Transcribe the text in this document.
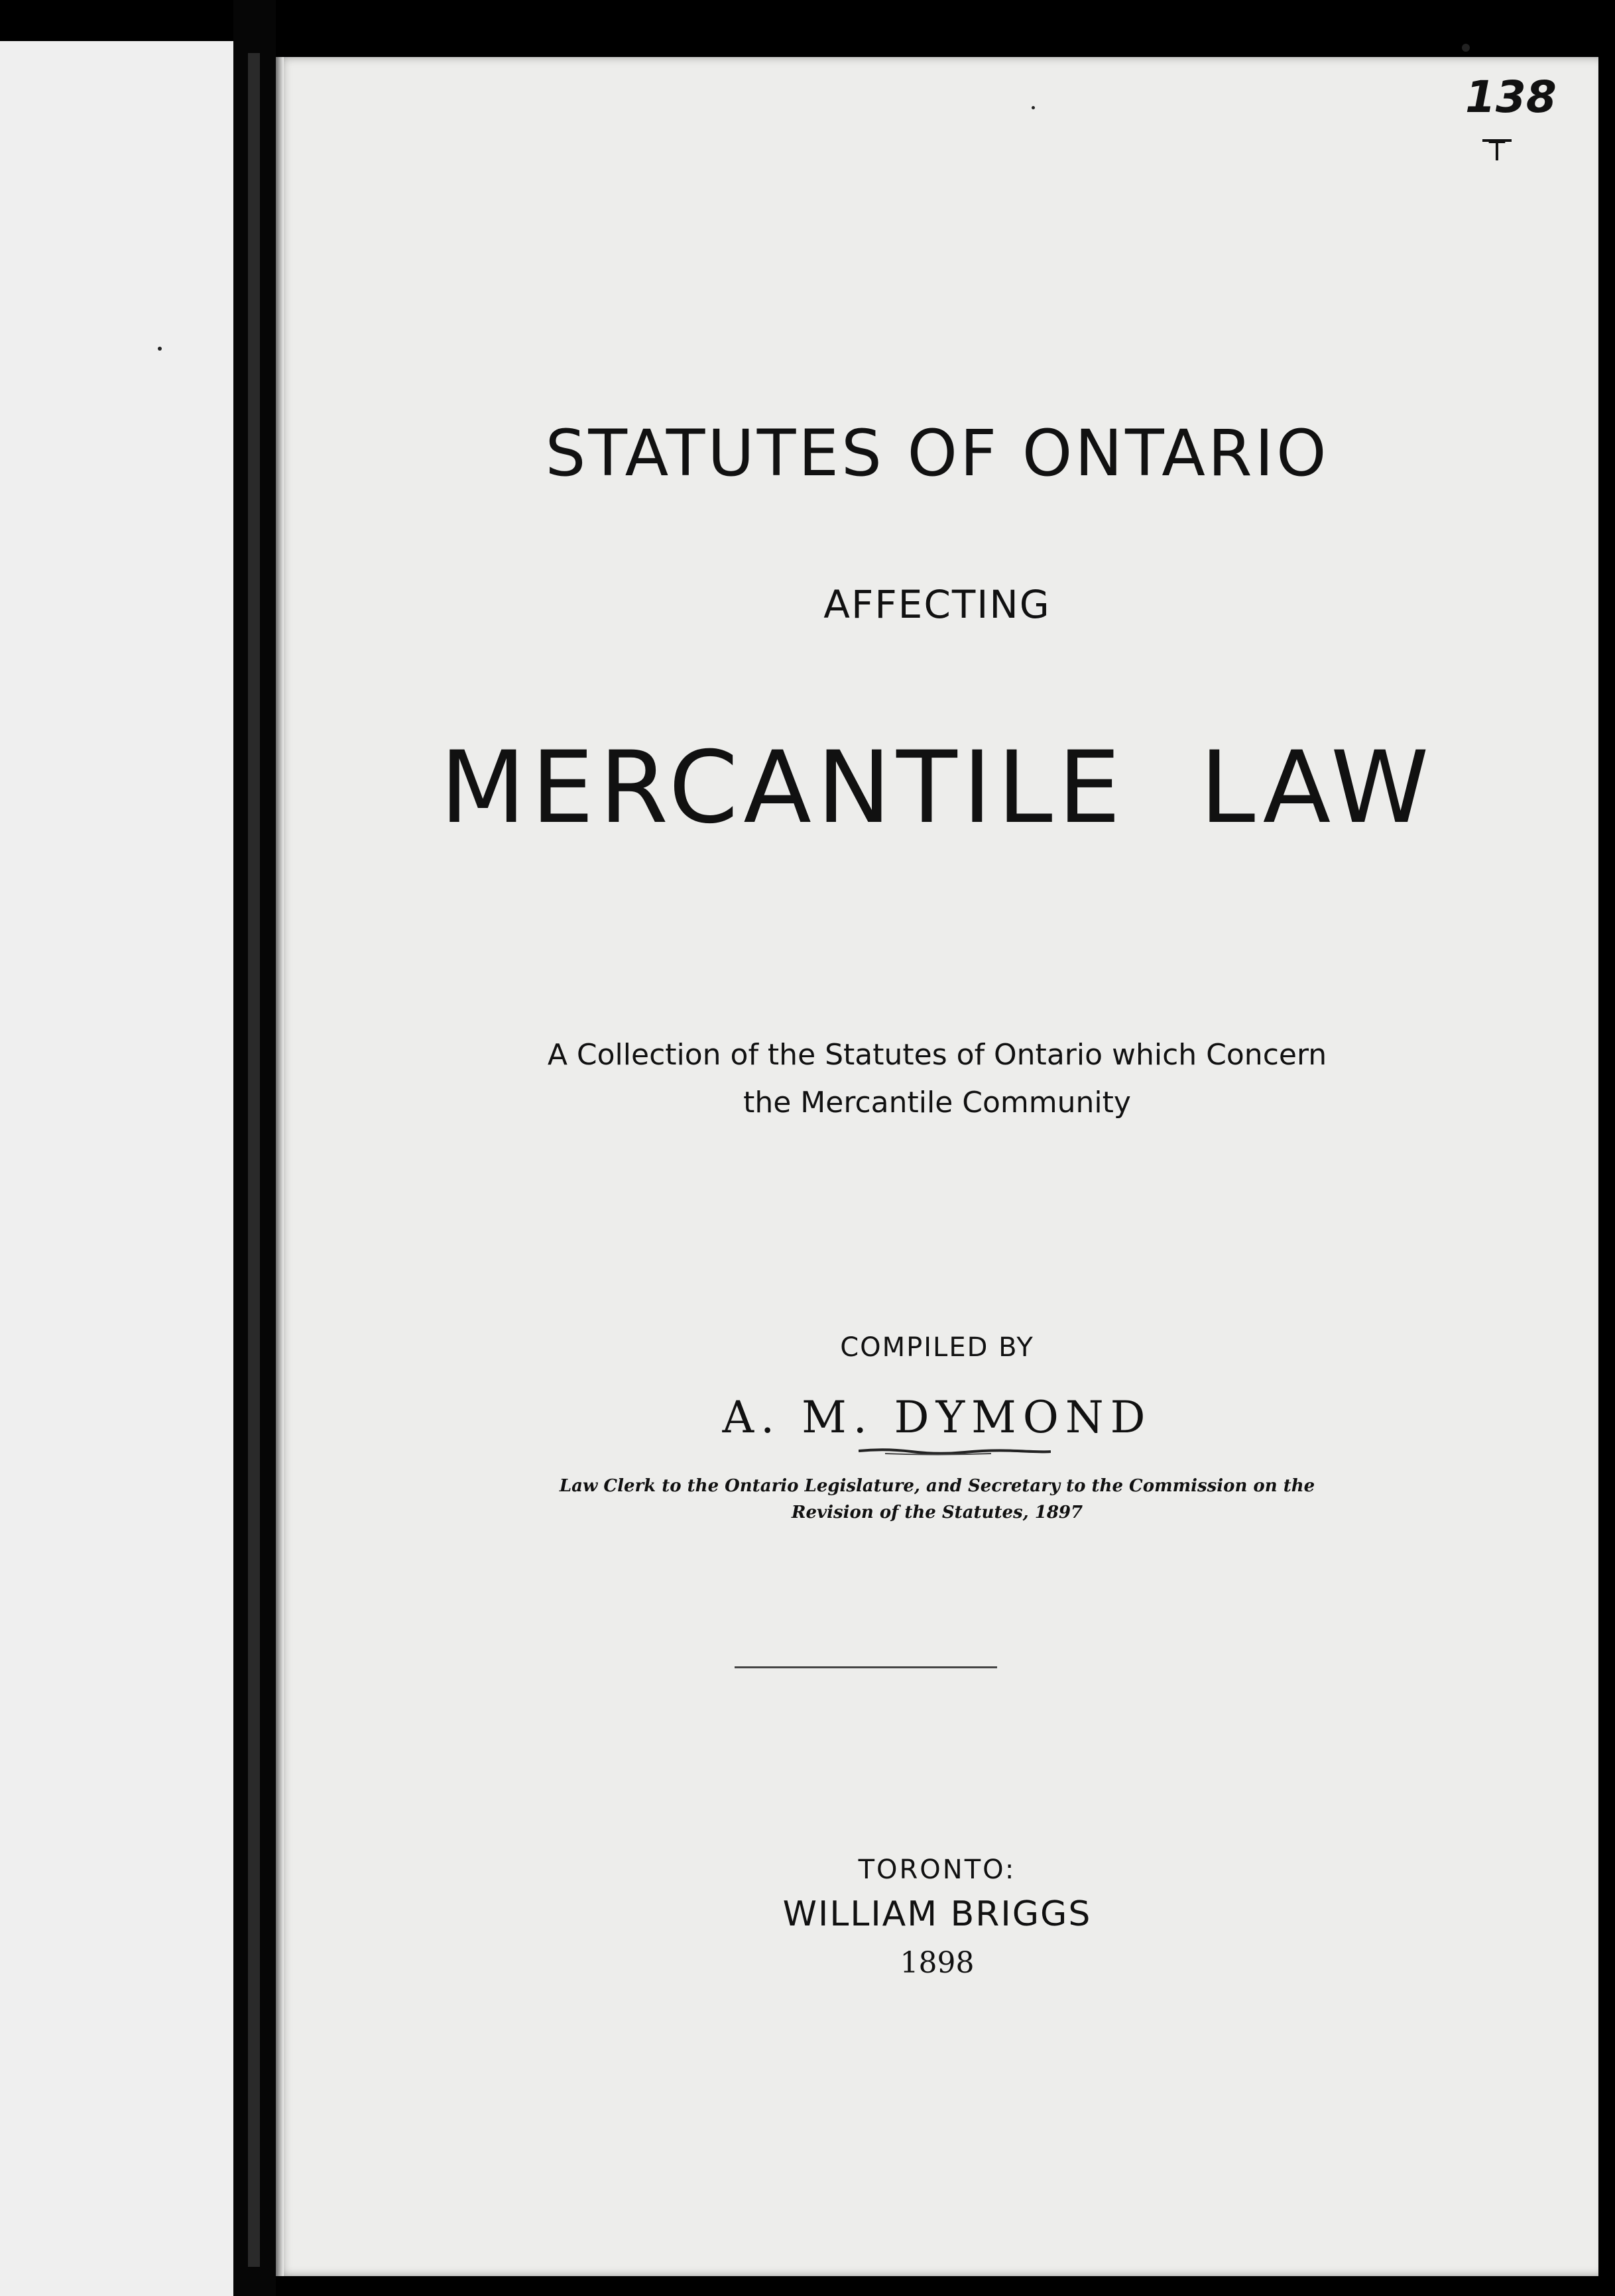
STATUTES OF ONTARIO
AFFECTING
MERCANTILE  LAW
A Collection of the Statutes of Ontario which Concern
the Mercantile Community
COMPILED BY
A. M. DYMOND
Law Clerk to the Ontario Legislature, and Secretary to the Commission on the
Revision of the Statutes, 1897
TORONTO:
WILLIAM BRIGGS
1898
138
T
